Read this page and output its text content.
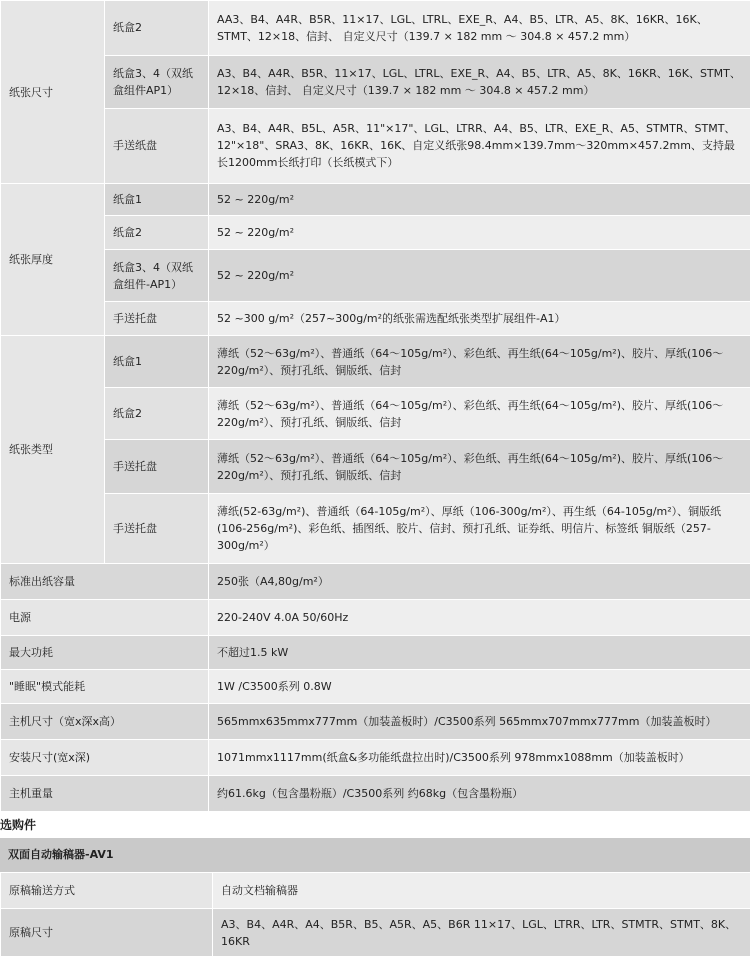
纸张尺寸	纸盒2	AA3、B4、A4R、B5R、11×17、LGL、LTRL、EXE_R、A4、B5、LTR、A5、8K、16KR、16K、STMT、12×18、信封、 自定义尺寸（139.7 × 182 mm ～ 304.8 × 457.2 mm）
	纸盒3、4（双纸盒组件AP1）	A3、B4、A4R、B5R、11×17、LGL、LTRL、EXE_R、A4、B5、LTR、A5、8K、16KR、16K、STMT、12×18、信封、 自定义尺寸（139.7 × 182 mm ～ 304.8 × 457.2 mm）
	手送纸盘	A3、B4、A4R、B5L、A5R、11"×17"、LGL、LTRR、A4、B5、LTR、EXE_R、A5、STMTR、STMT、12"×18"、SRA3、8K、16KR、16K、自定义纸张98.4mm×139.7mm～320mm×457.2mm、支持最长1200mm长纸打印（长纸模式下）
纸张厚度	纸盒1	52 ~ 220g/m²
	纸盒2	52 ~ 220g/m²
	纸盒3、4（双纸盒组件-AP1）	52 ~ 220g/m²
	手送托盘	52 ~300 g/m²（257~300g/m²的纸张需选配纸张类型扩展组件-A1）
纸张类型	纸盒1	薄纸（52～63g/m²）、普通纸（64～105g/m²）、彩色纸、再生纸(64～105g/m²)、胶片、厚纸(106～220g/m²）、预打孔纸、铜版纸、信封
	纸盒2	薄纸（52～63g/m²）、普通纸（64～105g/m²）、彩色纸、再生纸(64～105g/m²)、胶片、厚纸(106～220g/m²）、预打孔纸、铜版纸、信封
	手送托盘	薄纸（52～63g/m²）、普通纸（64～105g/m²）、彩色纸、再生纸(64～105g/m²)、胶片、厚纸(106～220g/m²）、预打孔纸、铜版纸、信封
	手送托盘	薄纸(52-63g/m²)、普通纸（64-105g/m²）、厚纸（106-300g/m²）、再生纸（64-105g/m²）、铜版纸(106-256g/m²)、彩色纸、插图纸、胶片、信封、预打孔纸、证券纸、明信片、标签纸 铜版纸（257-300g/m²）
标准出纸容量		250张（A4,80g/m²）
电源		220-240V 4.0A 50/60Hz
最大功耗		不超过1.5 kW
"睡眠"模式能耗		1W /C3500系列 0.8W
主机尺寸（宽x深x高）		565mmx635mmx777mm（加装盖板时）/C3500系列 565mmx707mmx777mm（加装盖板时）
安装尺寸(宽x深)		1071mmx1117mm(纸盒&多功能纸盘拉出时)/C3500系列 978mmx1088mm（加装盖板时）
主机重量		约61.6kg（包含墨粉瓶）/C3500系列 约68kg（包含墨粉瓶）
选购件
双面自动输稿器-AV1
原稿输送方式	自动文档输稿器
原稿尺寸	A3、B4、A4R、A4、B5R、B5、A5R、A5、B6R 11×17、LGL、LTRR、LTR、STMTR、STMT、8K、16KR
